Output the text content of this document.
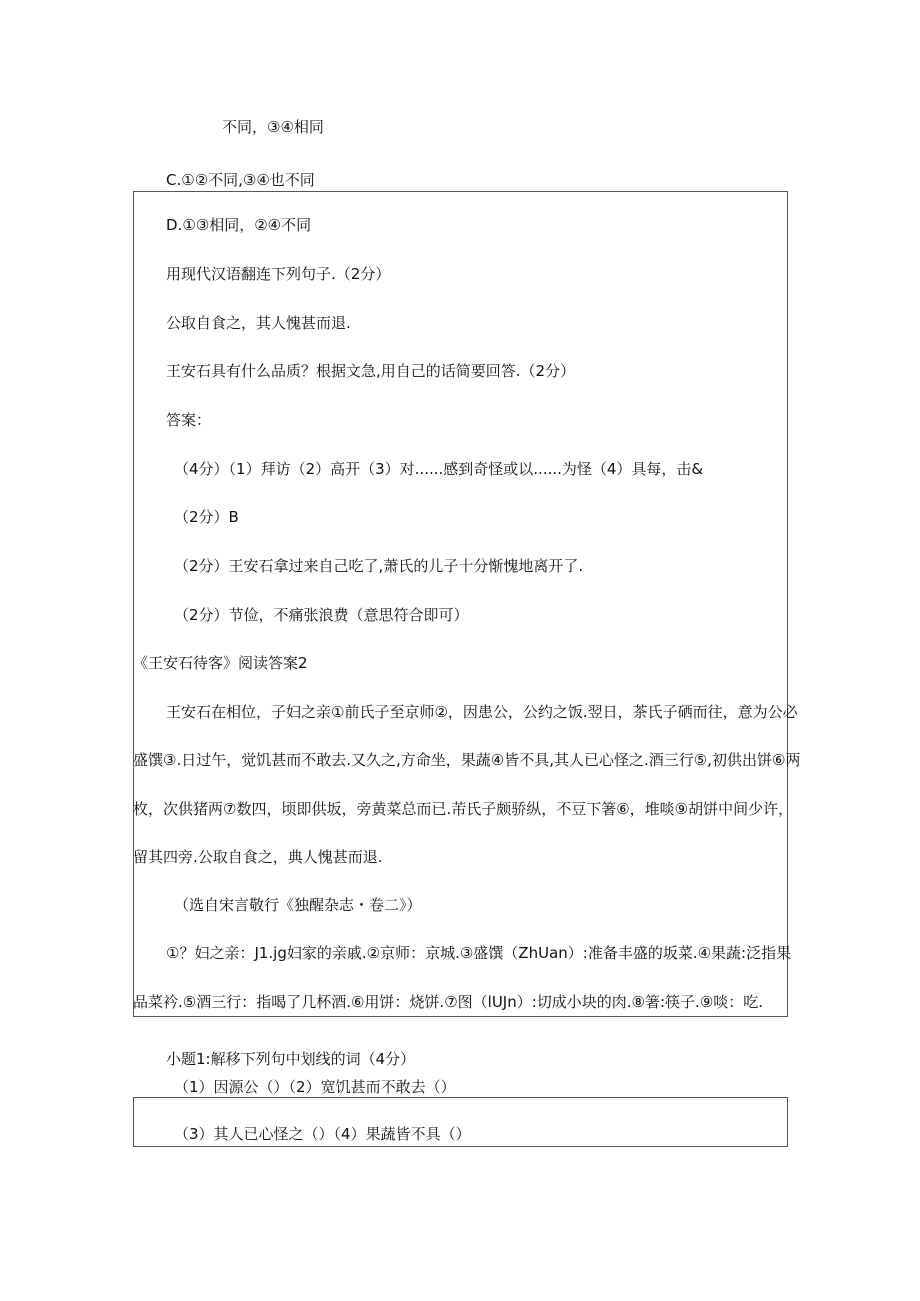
不同，③④相同
C.①②不同,③④也不同
D.①③相同，②④不同
用现代汉语翻连下列句子.（2分）
公取自食之，其人愧甚而退.
王安石具有什么品质？根据文急,用自己的话简要回答.（2分）
答案：
（4分）（1）拜访（2）高开（3）对......感到奇怪或以......为怪（4）具每，击&
（2分）B
（2分）王安石拿过来自己吃了,萧氏的儿子十分惭愧地离开了.
（2分）节俭，不痛张浪费（意思符合即可）
《王安石待客》阅读答案2
王安石在相位，子妇之亲①前氏子至京师②，因患公，公约之饭.翌日，茶氏子硒而往，意为公必
盛馔③.日过午，觉饥甚而不敢去.又久之,方命坐，果蔬④皆不具,其人已心怪之.酒三行⑤,初供出饼⑥两
枚，次供猪两⑦数四，顷即供坂，旁黄菜总而已.芾氏子颇骄纵，不豆下箸⑥，堆啖⑨胡饼中间少许，
留其四旁.公取自食之，典人愧甚而退.
（选自宋言敬行《独醒杂志・卷二》）
①？妇之亲：J1.jg妇家的亲戚.②京师：京城.③盛馔（ZhUan）:准备丰盛的坂菜.④果蔬:泛指果
品菜衿.⑤酒三行：指喝了几杯酒.⑥用饼：烧饼.⑦图（lUJn）:切成小块的肉.⑧箸:筷子.⑨啖：吃.
小题1:解移下列句中划线的词（4分）
（1）因源公（）（2）宽饥甚而不敢去（）
（3）其人已心怪之（）（4）果蔬皆不具（）
